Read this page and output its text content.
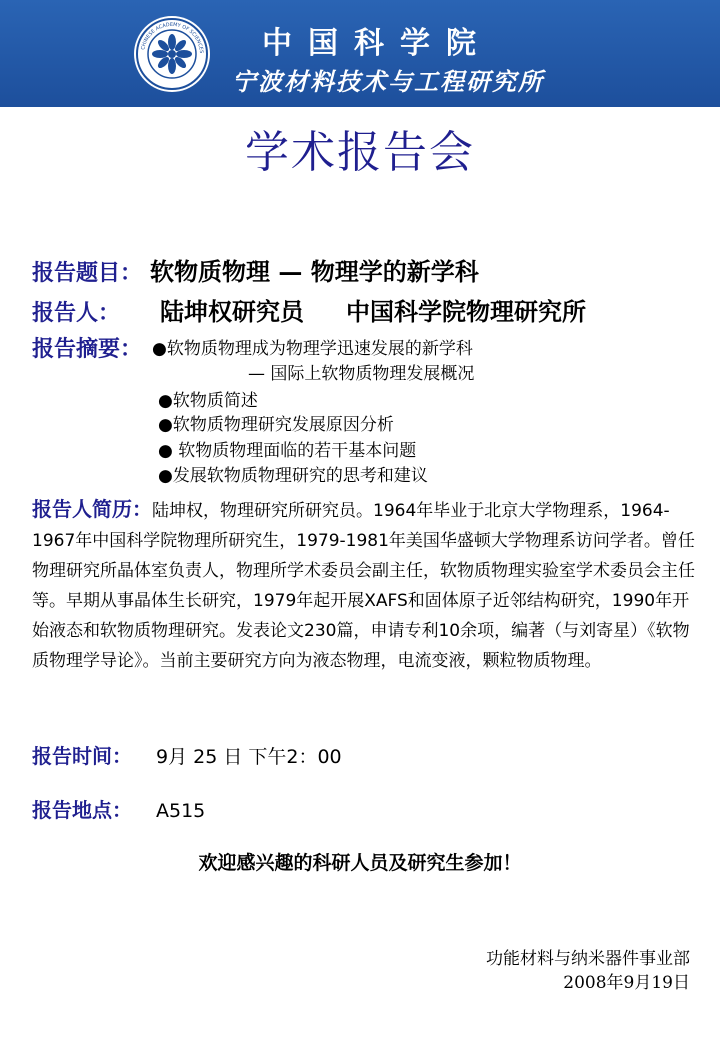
CHINESE ACADEMY OF SCIENCES 中国科学院
宁波材料技术与工程研究所
学术报告会
报告题目： 软物质物理 — 物理学的新学科
报告人： 陆坤权研究员 中国科学院物理研究所
报告摘要： ●软物质物理成为物理学迅速发展的新学科
— 国际上软物质物理发展概况
●软物质简述
●软物质物理研究发展原因分析
● 软物质物理面临的若干基本问题
●发展软物质物理研究的思考和建议
报告人简历：陆坤权，物理研究所研究员。1964年毕业于北京大学物理系，1964-1967年中国科学院物理所研究生，1979-1981年美国华盛顿大学物理系访问学者。曾任物理研究所晶体室负责人，物理所学术委员会副主任，软物质物理实验室学术委员会主任等。早期从事晶体生长研究，1979年起开展XAFS和固体原子近邻结构研究，1990年开始液态和软物质物理研究。发表论文230篇，申请专利10余项，编著（与刘寄星）《软物质物理学导论》。当前主要研究方向为液态物理，电流变液，颗粒物质物理。
报告时间： 9月 25 日 下午2：00
报告地点： A515
欢迎感兴趣的科研人员及研究生参加！
功能材料与纳米器件事业部
2008年9月19日
